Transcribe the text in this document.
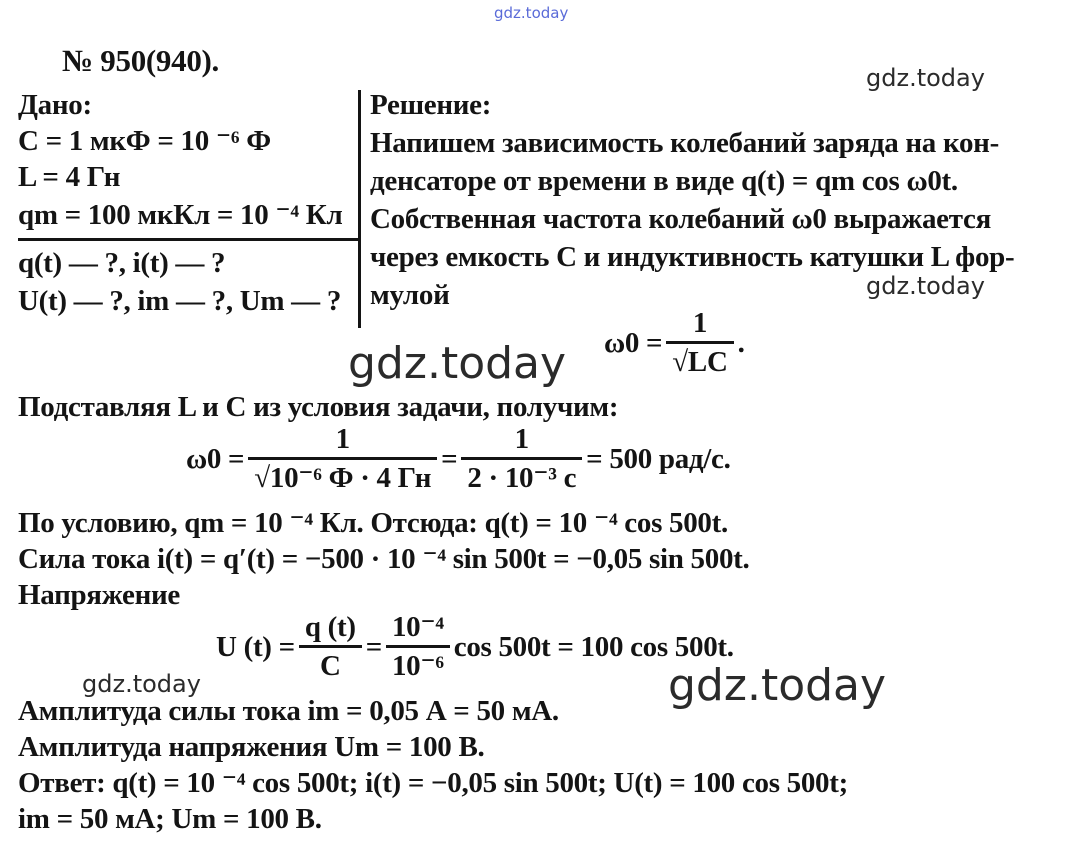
gdz.today
gdz.today
gdz.today
gdz.today
gdz.today	gdz.today
№ 950(940).
Дано:
C = 1 мкФ = 10 ⁻⁶ Ф
L = 4 Гн
qm = 100 мкКл = 10 ⁻⁴ Кл
q(t) — ?, i(t) — ?
U(t) — ?, im — ?, Um — ?
Решение:
Напишем зависимость колебаний заряда на кон-
денсаторе от времени в виде q(t) = qm cos ω0t.
Собственная частота колебаний ω0 выражается
через емкость C и индуктивность катушки L фор-
мулой
$\omega 0 = \frac{1}{√LC}$ .
Подставляя L и C из условия задачи, получим:
$\omega 0 = \frac{1}{\text{√10⁻⁶ Ф · 4 Гн}} = \frac{1}{\text{2 · 10⁻³ с}} = 500$ рад/с.
По условию, qm = 10 ⁻⁴ Кл. Отсюда: q(t) = 10 ⁻⁴ cos 500t.
Сила тока i(t) = q′(t) = −500 · 10 ⁻⁴ sin 500t = −0,05 sin 500t.
Напряжение
U $(t) = \frac{q (t)}{C} = \frac{\text{10⁻⁴}}{\text{10⁻⁶}}$ cos 500t = 100 cos 500t.
Амплитуда силы тока im = 0,05 А = 50 мА.
Амплитуда напряжения Um = 100 В.
Ответ: q(t) = 10 ⁻⁴ cos 500t; i(t) = −0,05 sin 500t; U(t) = 100 cos 500t;
im = 50 мА; Um = 100 В.
